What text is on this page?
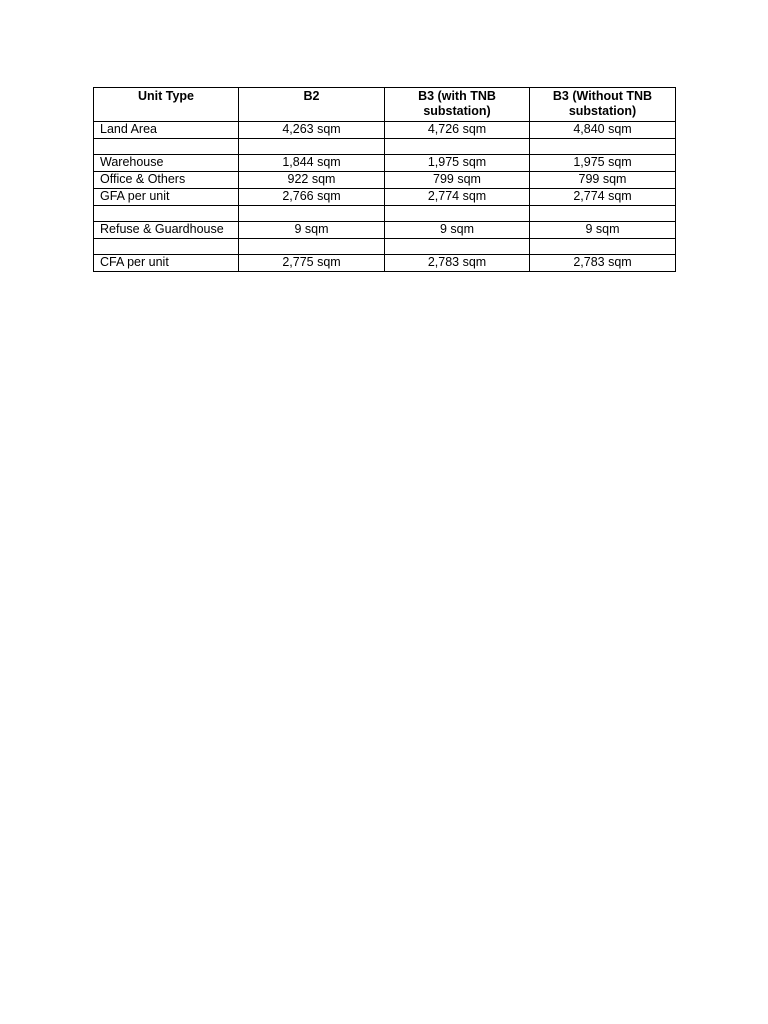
Unit Type	B2	B3 (with TNB substation)	B3 (Without TNB substation)
Land Area	4,263 sqm	4,726 sqm	4,840 sqm

Warehouse	1,844 sqm	1,975 sqm	1,975 sqm
Office & Others	922 sqm	799 sqm	799 sqm
GFA per unit	2,766 sqm	2,774 sqm	2,774 sqm

Refuse & Guardhouse	9 sqm	9 sqm	9 sqm

CFA per unit	2,775 sqm	2,783 sqm	2,783 sqm
